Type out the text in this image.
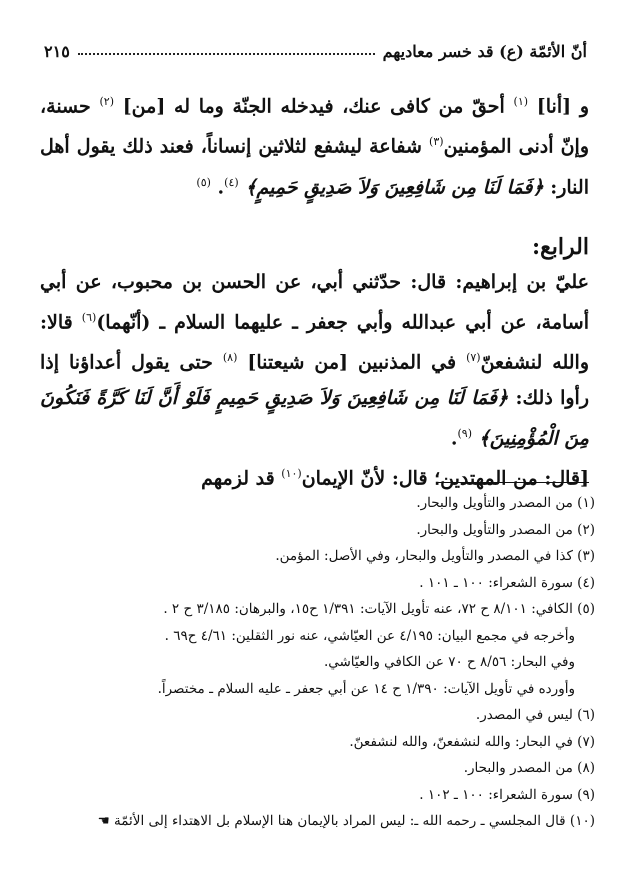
أنّ الأئمّة (ع) قد خسر معاديهم
٢١٥

و [أنا] $^{(١)}$ أحقّ من كافى عنك، فيدخله الجنّة وما له [من] $^{(٢)}$ حسنة، وإنّ أدنى المؤمنين$^{(٣)}$ شفاعة ليشفع لثلاثين إنساناً، فعند ذلك يقول أهل النار: ﴿فَمَا لَنَا مِن شَافِعِينَ وَلاَ صَدِيقٍ حَمِيمٍ﴾ $^{(٤)}$. $^{(٥)}$

الرابع:

عليّ بن إبراهيم: قال: حدّثني أبي، عن الحسن بن محبوب، عن أبي أسامة، عن أبي عبدالله وأبي جعفر ـ عليهما السلام ـ (أنّهما)$^{(٦)}$ قالا: والله لنشفعنّ$^{(٧)}$ في المذنبين [من شيعتنا] $^{(٨)}$ حتى يقول أعداؤنا إذا رأوا ذلك: ﴿فَمَا لَنَا مِن شَافِعِينَ وَلاَ صَدِيقٍ حَمِيمٍ فَلَوْ أَنَّ لَنَا كَرَّةً فَنَكُونَ مِنَ الْمُؤْمِنِينَ﴾ $^{(٩)}$.

[قال: من المهتدين؛ قال: لأنّ الإيمان$^{(١٠)}$ قد لزمهم

(١) من المصدر والتأويل والبحار.
(٢) من المصدر والتأويل والبحار.
(٣) كذا في المصدر والتأويل والبحار، وفي الأصل: المؤمن.
(٤) سورة الشعراء: ١٠٠ ـ ١٠١ .
(٥) الكافي: ٨/١٠١ ح ٧٢، عنه تأويل الآيات: ١/٣٩١ ح١٥، والبرهان: ٣/١٨٥ ح ٢ .
وأخرجه في مجمع البيان: ٤/١٩٥ عن العيّاشي، عنه نور الثقلين: ٤/٦١ ح٦٩ .
وفي البحار: ٨/٥٦ ح ٧٠ عن الكافي والعيّاشي.
وأورده في تأويل الآيات: ١/٣٩٠ ح ١٤ عن أبي جعفر ـ عليه السلام ـ مختصراً.
(٦) ليس في المصدر.
(٧) في البحار: والله لنشفعنّ، والله لنشفعنّ.
(٨) من المصدر والبحار.
(٩) سورة الشعراء: ١٠٠ ـ ١٠٢ .
(١٠) قال المجلسي ـ رحمه الله ـ: ليس المراد بالإيمان هنا الإسلام بل الاهتداء إلى الأئمّة ☚
